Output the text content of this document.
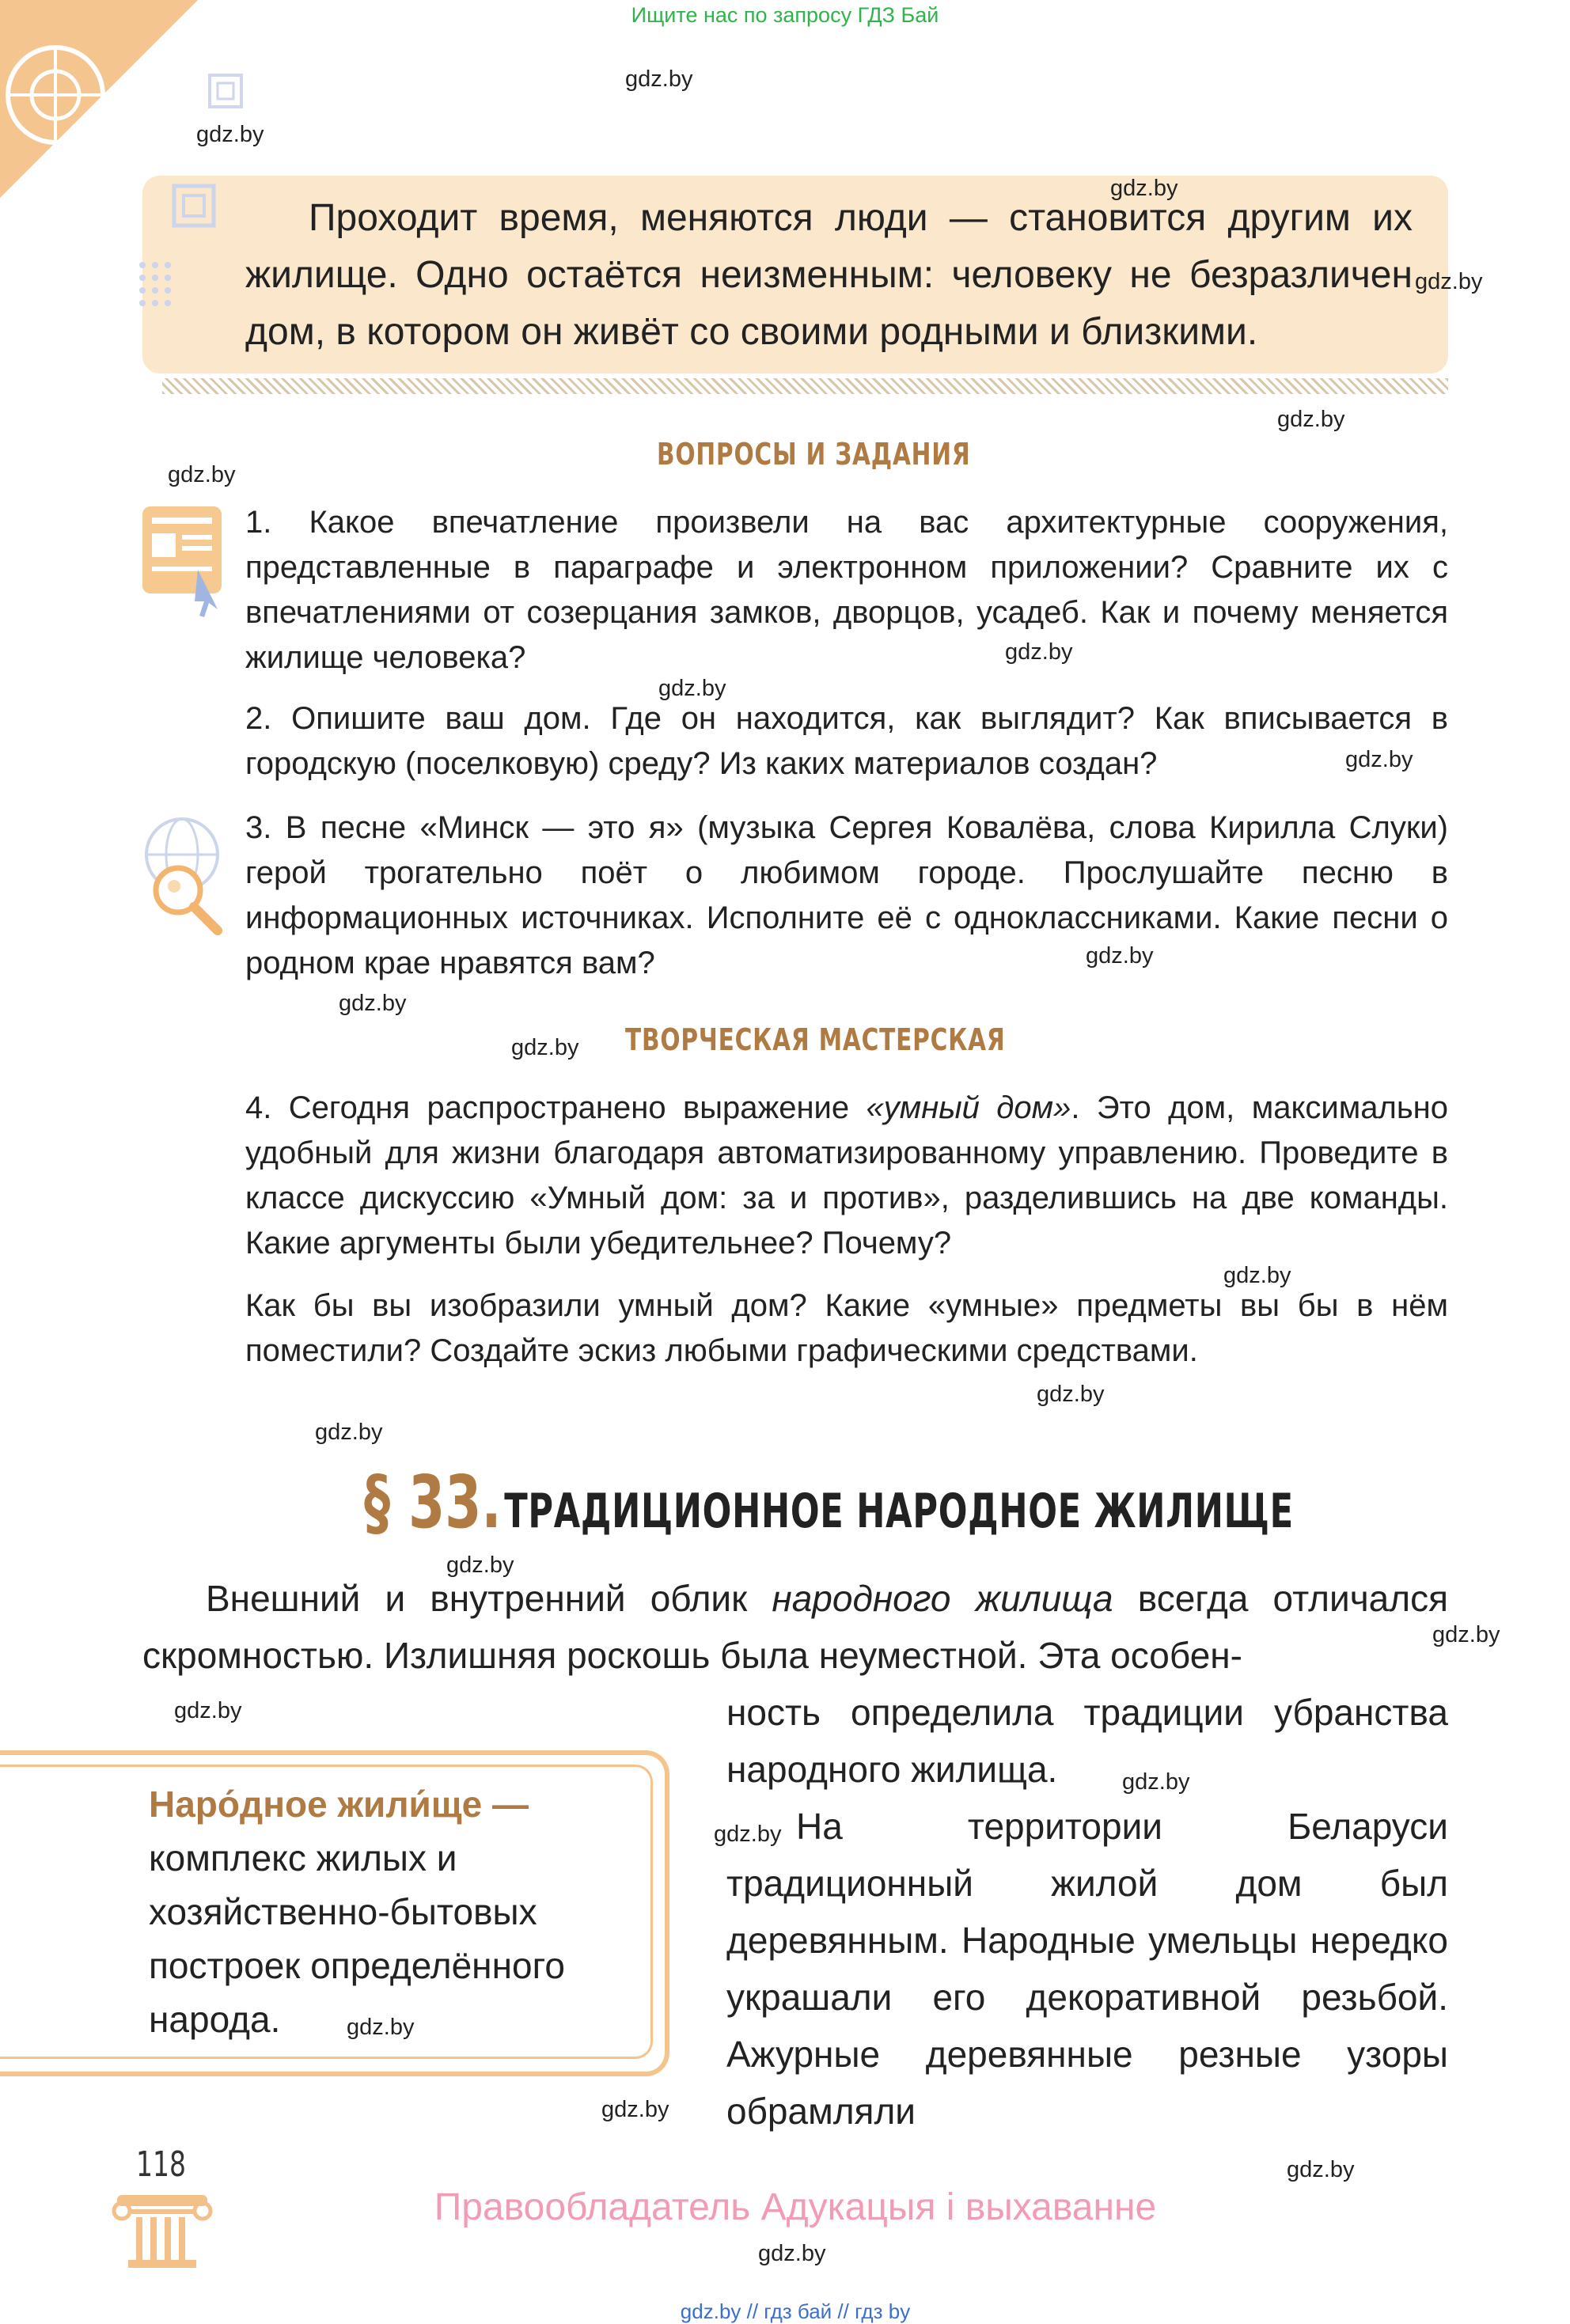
Ищите нас по запросу ГДЗ Бай
Проходит время, меняются люди — становится другим их жилище. Одно остаётся неизменным: человеку не безразличен дом, в котором он живёт со своими родными и близкими.
ВОПРОСЫ И ЗАДАНИЯ
1. Какое впечатление произвели на вас архитектурные сооружения, представленные в параграфе и электронном приложении? Сравните их с впечатлениями от созерцания замков, дворцов, усадеб. Как и почему меняется жилище человека?
2. Опишите ваш дом. Где он находится, как выглядит? Как вписывается в городскую (поселковую) среду? Из каких материалов создан?
3. В песне «Минск — это я» (музыка Сергея Ковалёва, слова Кирилла Слуки) герой трогательно поёт о любимом городе. Прослушайте песню в информационных источниках. Исполните её с одноклассниками. Какие песни о родном крае нравятся вам?
ТВОРЧЕСКАЯ МАСТЕРСКАЯ
4. Сегодня распространено выражение «умный дом». Это дом, максимально удобный для жизни благодаря автоматизированному управлению. Проведите в классе дискуссию «Умный дом: за и против», разделившись на две команды. Какие аргументы были убедительнее? Почему?
Как бы вы изобразили умный дом? Какие «умные» предметы вы бы в нём поместили? Создайте эскиз любыми графическими средствами.
§ 33. ТРАДИЦИОННОЕ НАРОДНОЕ ЖИЛИЩЕ
Внешний и внутренний облик народного жилища всегда отличался скромностью. Излишняя роскошь была неуместной. Эта особен-
ность определила традиции убранства народного жилища.
На территории Беларуси традиционный жилой дом был деревянным. Народные умельцы нередко украшали его декоративной резьбой. Ажурные деревянные резные узоры обрамляли
Наро́дное жили́ще —
комплекс жилых и хозяйственно-бытовых построек определённого народа.
118
Правообладатель Адукацыя і выхаванне
gdz.by // гдз бай // гдз by
gdz.by
gdz.by
gdz.by
gdz.by
gdz.by
gdz.by
gdz.by
gdz.by
gdz.by
gdz.by
gdz.by
gdz.by
gdz.by
gdz.by
gdz.by
gdz.by
gdz.by
gdz.by
gdz.by
gdz.by
gdz.by
gdz.by
gdz.by
gdz.by
